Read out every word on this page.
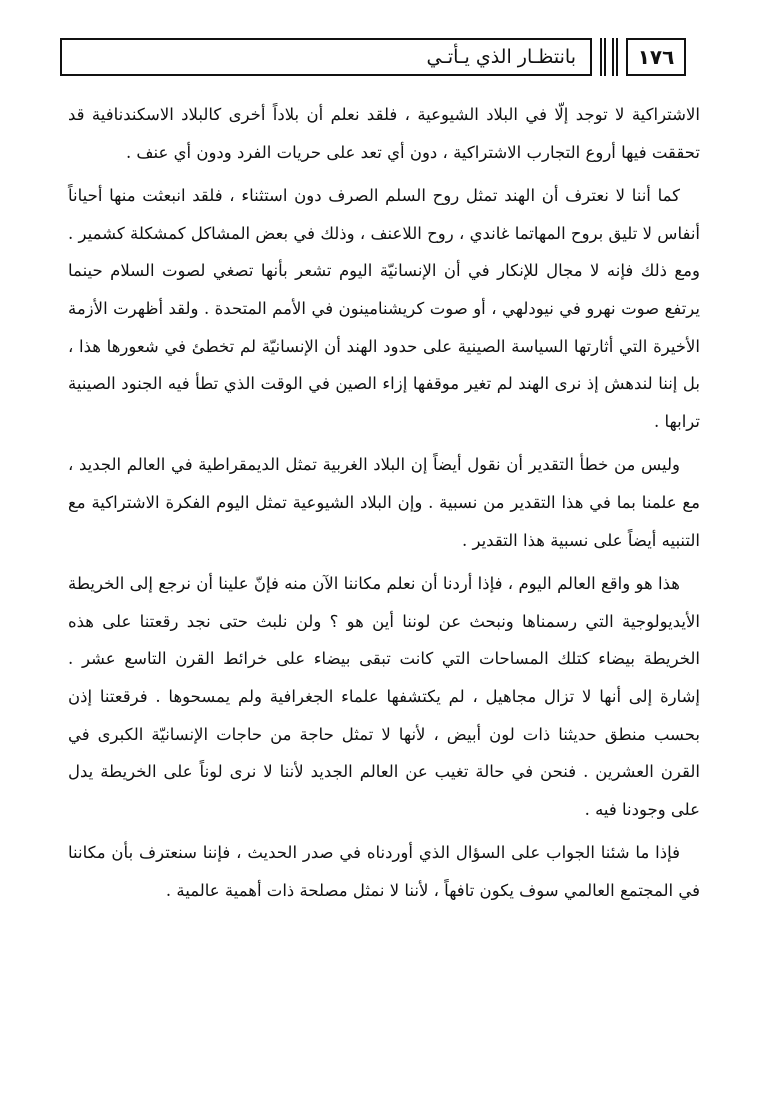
بانتظـار الذي يـأتـي	١٧٦

الاشتراكية لا توجد إلّا في البلاد الشيوعية ، فلقد نعلم أن بلاداً أخرى كالبلاد الاسكندنافية قد تحققت فيها أروع التجارب الاشتراكية ، دون أي تعد على حريات الفرد ودون أي عنف .

كما أننا لا نعترف أن الهند تمثل روح السلم الصرف دون استثناء ، فلقد انبعثت منها أحياناً أنفاس لا تليق بروح المهاتما غاندي ، روح اللاعنف ، وذلك في بعض المشاكل كمشكلة كشمير . ومع ذلك فإنه لا مجال للإنكار في أن الإنسانيّة اليوم تشعر بأنها تصغي لصوت السلام حينما يرتفع صوت نهرو في نيودلهي ، أو صوت كريشنامينون في الأمم المتحدة . ولقد أظهرت الأزمة الأخيرة التي أثارتها السياسة الصينية على حدود الهند أن الإنسانيّة لم تخطئ في شعورها هذا ، بل إننا لندهش إذ نرى الهند لم تغير موقفها إزاء الصين في الوقت الذي تطأ فيه الجنود الصينية ترابها .

وليس من خطأ التقدير أن نقول أيضاً إن البلاد الغربية تمثل الديمقراطية في العالم الجديد ، مع علمنا بما في هذا التقدير من نسبية . وإن البلاد الشيوعية تمثل اليوم الفكرة الاشتراكية مع التنبيه أيضاً على نسبية هذا التقدير .

هذا هو واقع العالم اليوم ، فإذا أردنا أن نعلم مكاننا الآن منه فإنّ علينا أن نرجع إلى الخريطة الأيديولوجية التي رسمناها ونبحث عن لوننا أين هو ؟ ولن نلبث حتى نجد رقعتنا على هذه الخريطة بيضاء كتلك المساحات التي كانت تبقى بيضاء على خرائط القرن التاسع عشر . إشارة إلى أنها لا تزال مجاهيل ، لم يكتشفها علماء الجغرافية ولم يمسحوها . فرقعتنا إذن بحسب منطق حديثنا ذات لون أبيض ، لأنها لا تمثل حاجة من حاجات الإنسانيّة الكبرى في القرن العشرين . فنحن في حالة تغيب عن العالم الجديد لأننا لا نرى لوناً على الخريطة يدل على وجودنا فيه .

فإذا ما شئنا الجواب على السؤال الذي أوردناه في صدر الحديث ، فإننا سنعترف بأن مكاننا في المجتمع العالمي سوف يكون تافهاً ، لأننا لا نمثل مصلحة ذات أهمية عالمية .
